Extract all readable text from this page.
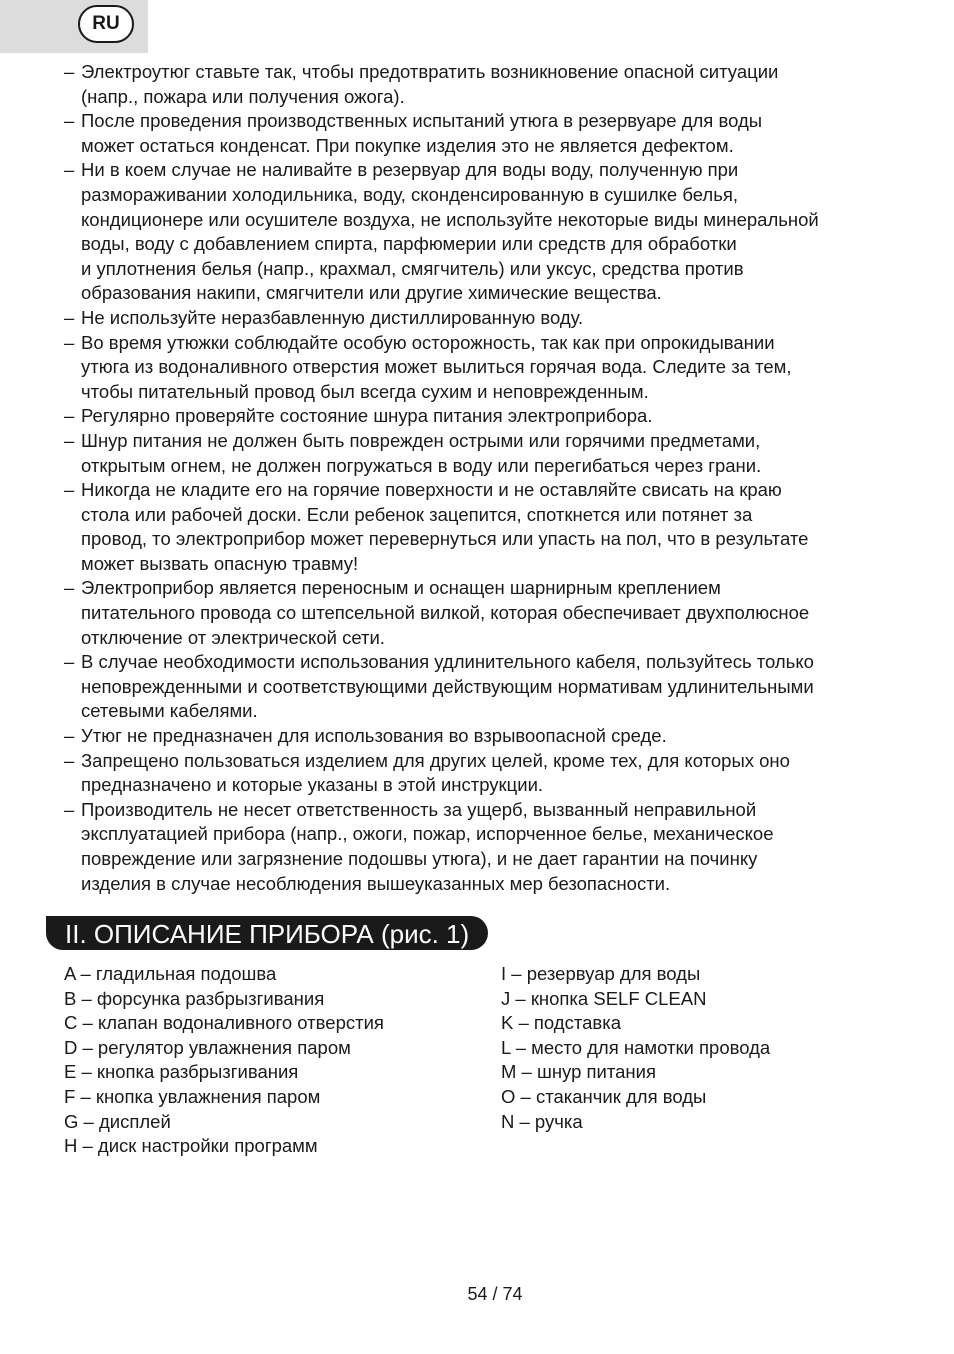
RU
– Электроутюг ставьте так, чтобы предотвратить возникновение опасной ситуации
(напр., пожара или получения ожога).
– После проведения производственных испытаний утюга в резервуаре для воды
может остаться конденсат. При покупке изделия это не является дефектом.
– Ни в коем случае не наливайте в резервуар для воды воду, полученную при
размораживании холодильника, воду, сконденсированную в сушилке белья,
кондиционере или осушителе воздуха, не используйте некоторые виды минеральной
воды, воду с добавлением спирта, парфюмерии или средств для обработки
и уплотнения белья (напр., крахмал, смягчитель) или уксус, средства против
образования накипи, смягчители или другие химические вещества.
– Не используйте неразбавленную дистиллированную воду.
– Во время утюжки соблюдайте особую осторожность, так как при опрокидывании
утюга из водоналивного отверстия может вылиться горячая вода. Следите за тем,
чтобы питательный провод был всегда сухим и неповрежденным.
– Регулярно проверяйте состояние шнура питания электроприбора.
– Шнур питания не должен быть поврежден острыми или горячими предметами,
открытым огнем, не должен погружаться в воду или перегибаться через грани.
– Никогда не кладите его на горячие поверхности и не оставляйте свисать на краю
стола или рабочей доски. Если ребенок зацепится, споткнется или потянет за
провод, то электроприбор может перевернуться или упасть на пол, что в результате
может вызвать опасную травму!
– Электроприбор является переносным и оснащен шарнирным креплением
питательного провода со штепсельной вилкой, которая обеспечивает двухполюсное
отключение от электрической сети.
– В случае необходимости использования удлинительного кабеля, пользуйтесь только
неповрежденными и соответствующими действующим нормативам удлинительными
сетевыми кабелями.
– Утюг не предназначен для использования во взрывоопасной среде.
– Запрещено пользоваться изделием для других целей, кроме тех, для которых оно
предназначено и которые указаны в этой инструкции.
– Производитель не несет ответственность за ущерб, вызванный неправильной
эксплуатацией прибора (напр., ожоги, пожар, испорченное белье, механическое
повреждение или загрязнение подошвы утюга), и не дает гарантии на починку
изделия в случае несоблюдения вышеуказанных мер безопасности.
II. ОПИСАНИЕ ПРИБОРА (рис. 1)
A – гладильная подошва
B – форсунка разбрызгивания
C – клапан водоналивного отверстия
D – регулятор увлажнения паром
E – кнопка разбрызгивания
F – кнопка увлажнения паром
G – дисплей
H – диск настройки программ
I – резервуар для воды
J – кнопка SELF CLEAN
K – подставка
L – место для намотки провода
M – шнур питания
O – стаканчик для воды
N – ручка
54 / 74
